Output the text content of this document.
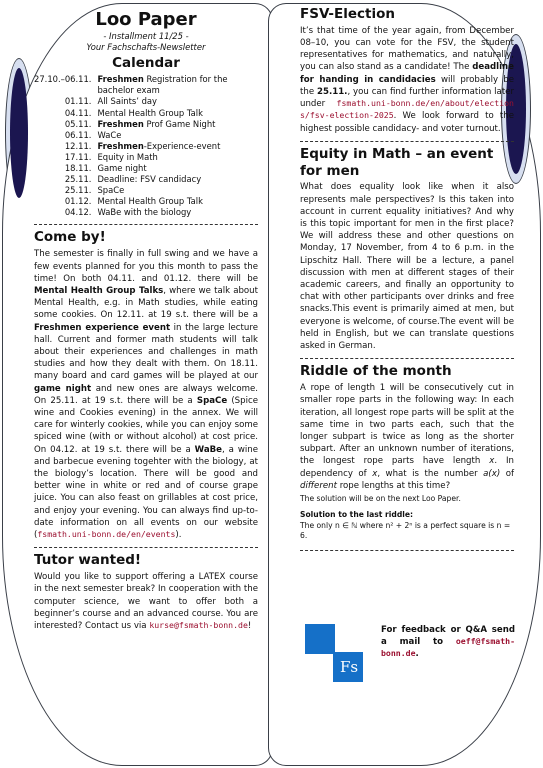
Loo Paper
- Installment 11/25 -
Your Fachschafts-Newsletter
Calendar
27.10.–06.11.	Freshmen Registration for the bachelor exam
01.11.	All Saints’ day
04.11.	Mental Health Group Talk
05.11.	Freshmen Prof Game Night
06.11.	WaCe
12.11.	Freshmen-Experience-event
17.11.	Equity in Math
18.11.	Game night
25.11.	Deadline: FSV candidacy
25.11.	SpaCe
01.12.	Mental Health Group Talk
04.12.	WaBe with the biology
Come by!

The semester is finally in full swing and we have a few events planned for you this month to pass the time! On both 04.11. and 01.12. there will be Mental Health Group Talks, where we talk about Mental Health, e.g. in Math studies, while eating some cookies. On 12.11. at 19 s.t. there will be a Freshmen experience event in the large lecture hall. Current and former math students will talk about their experiences and challenges in math studies and how they dealt with them. On 18.11. many board and card games will be played at our game night and new ones are always welcome. On 25.11. at 19 s.t. there will be a SpaCe (Spice wine and Cookies evening) in the annex. We will care for winterly cookies, while you can enjoy some spiced wine (with or without alcohol) at cost price. On 04.12. at 19 s.t. there will be a WaBe, a wine and barbecue evening togehter with the biology, at the biology’s location. There will be good and better wine in white or red and of course grape juice. You can also feast on grillables at cost price, and enjoy your evening. You can always find up-to-date information on all events on our website (fsmath.uni-bonn.de/en/events).

Tutor wanted!

Would you like to support offering a LATEX course in the next semester break? In cooperation with the computer science, we want to offer both a beginner’s course and an advanced course. You are interested? Contact us via kurse@fsmath-bonn.de!

FSV-Election

It’s that time of the year again, from December 08–10, you can vote for the FSV, the student representatives for mathematics, and naturally, you can also stand as a candidate! The deadline for handing in candidacies will probably be the 25.11., you can find further information later under fsmath.uni-bonn.de/en/about/elections/fsv-election-2025. We look forward to the highest possible candidacy- and voter turnout.

Equity in Math – an event for men

What does equality look like when it also represents male perspectives? Is this taken into account in current equality initiatives? And why is this topic important for men in the first place?We will address these and other questions on Monday, 17 November, from 4 to 6 p.m. in the Lipschitz Hall. There will be a lecture, a panel discussion with men at different stages of their academic careers, and finally an opportunity to chat with other participants over drinks and free snacks.This event is primarily aimed at men, but everyone is welcome, of course.The event will be held in English, but we can translate questions asked in German.

Riddle of the month

A rope of length 1 will be consecutively cut in smaller rope parts in the following way: In each iteration, all longest rope parts will be split at the same time in two parts each, such that the longer subpart is twice as long as the shorter subpart. After an unknown number of iterations, the longest rope parts have length x. In dependency of x, what is the number a(x) of different rope lengths at this time?

The solution will be on the next Loo Paper.
Solution to the last riddle:
The only n ∈ ℕ where n² + 2ⁿ is a perfect square is n = 6.
Fs
For feedback or Q&A send a mail to oeff@fsmath-bonn.de.
